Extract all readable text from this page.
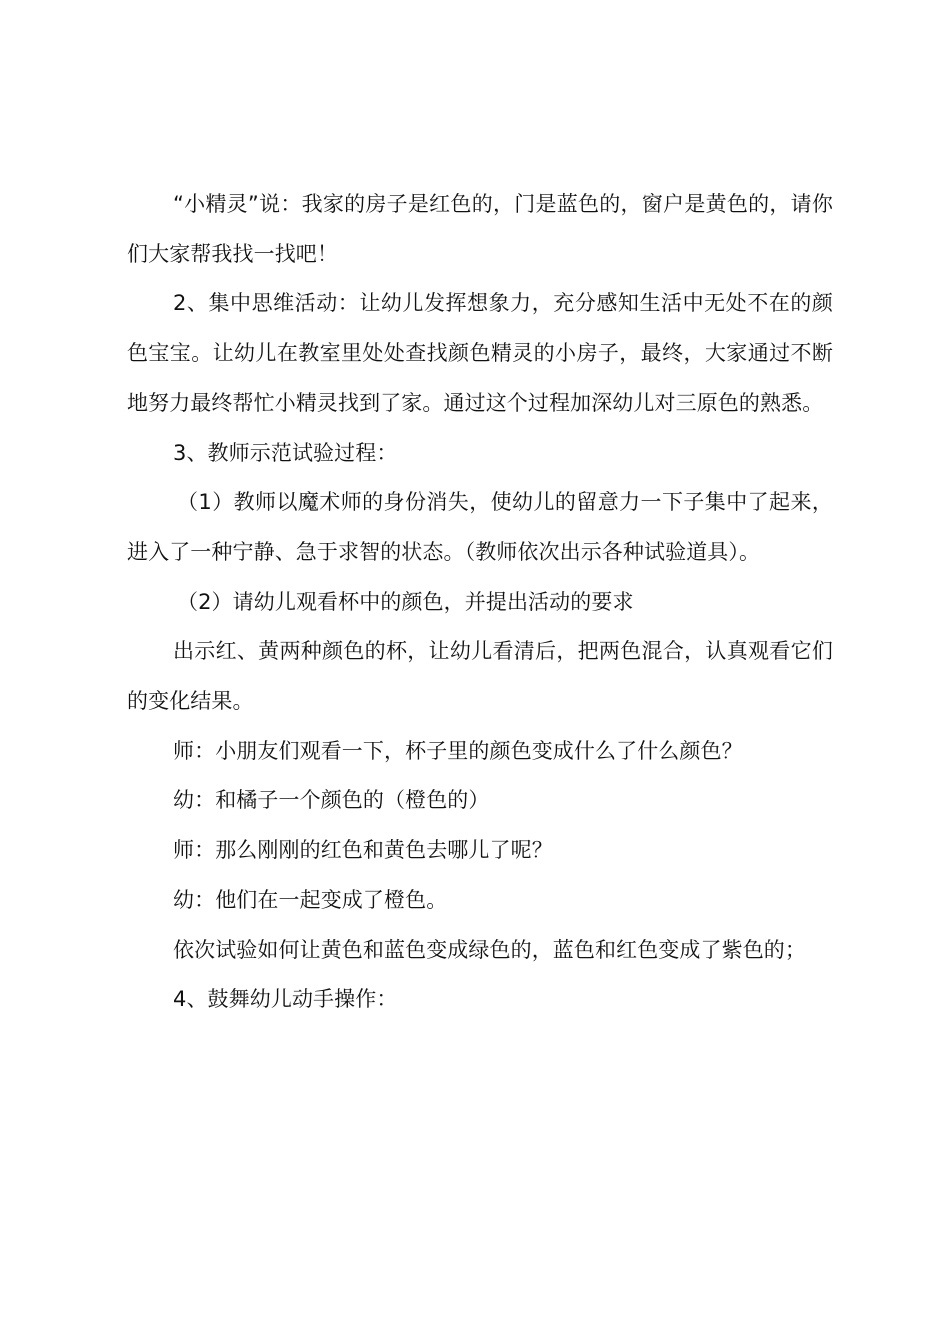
“小精灵”说：我家的房子是红色的，门是蓝色的，窗户是黄色的，请你们大家帮我找一找吧！

2、集中思维活动：让幼儿发挥想象力，充分感知生活中无处不在的颜色宝宝。让幼儿在教室里处处查找颜色精灵的小房子，最终，大家通过不断地努力最终帮忙小精灵找到了家。通过这个过程加深幼儿对三原色的熟悉。

3、教师示范试验过程：

（1）教师以魔术师的身份消失，使幼儿的留意力一下子集中了起来，进入了一种宁静、急于求智的状态。（教师依次出示各种试验道具）。

（2）请幼儿观看杯中的颜色，并提出活动的要求

出示红、黄两种颜色的杯，让幼儿看清后，把两色混合，认真观看它们的变化结果。

师：小朋友们观看一下，杯子里的颜色变成什么了什么颜色？

幼：和橘子一个颜色的（橙色的）

师：那么刚刚的红色和黄色去哪儿了呢？

幼：他们在一起变成了橙色。

依次试验如何让黄色和蓝色变成绿色的，蓝色和红色变成了紫色的；

4、鼓舞幼儿动手操作：
